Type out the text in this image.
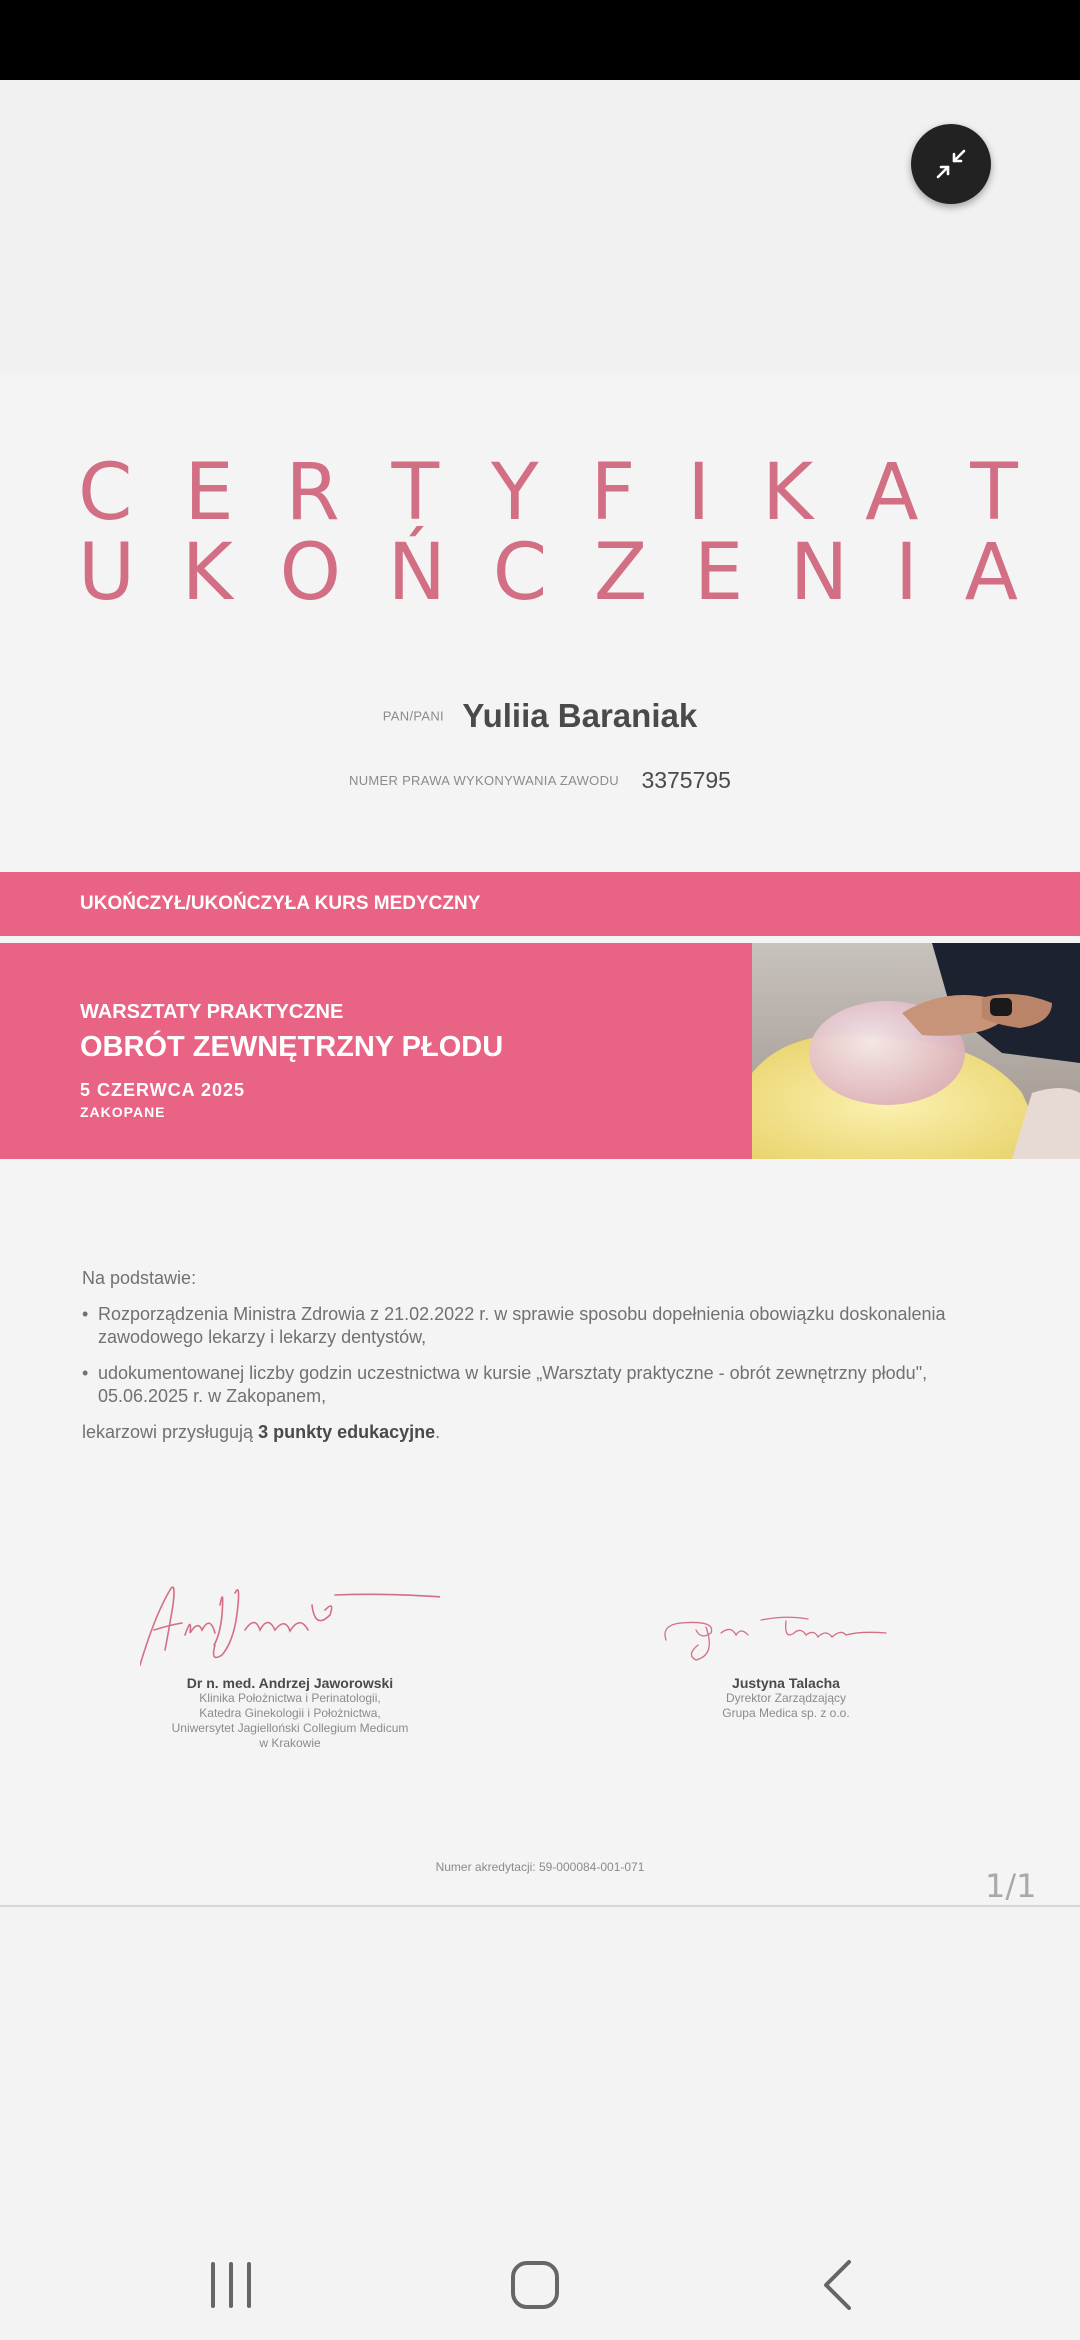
C E R T Y F I K A T
U K O Ń C Z E N I A
PAN/PANI Yuliia Baraniak
NUMER PRAWA WYKONYWANIA ZAWODU 3375795
UKOŃCZYŁ/UKOŃCZYŁA KURS MEDYCZNY
WARSZTATY PRAKTYCZNE
OBRÓT ZEWNĘTRZNY PŁODU
5 CZERWCA 2025
ZAKOPANE
Na podstawie:
• Rozporządzenia Ministra Zdrowia z 21.02.2022 r. w sprawie sposobu dopełnienia obowiązku doskonalenia zawodowego lekarzy i lekarzy dentystów,
• udokumentowanej liczby godzin uczestnictwa w kursie „Warsztaty praktyczne - obrót zewnętrzny płodu", 05.06.2025 r. w Zakopanem,
lekarzowi przysługują 3 punkty edukacyjne.
Dr n. med. Andrzej Jaworowski
Klinika Położnictwa i Perinatologii,
Katedra Ginekologii i Położnictwa,
Uniwersytet Jagielloński Collegium Medicum
w Krakowie
Justyna Talacha
Dyrektor Zarządzający
Grupa Medica sp. z o.o.
Numer akredytacji: 59-000084-001-071	1/1
